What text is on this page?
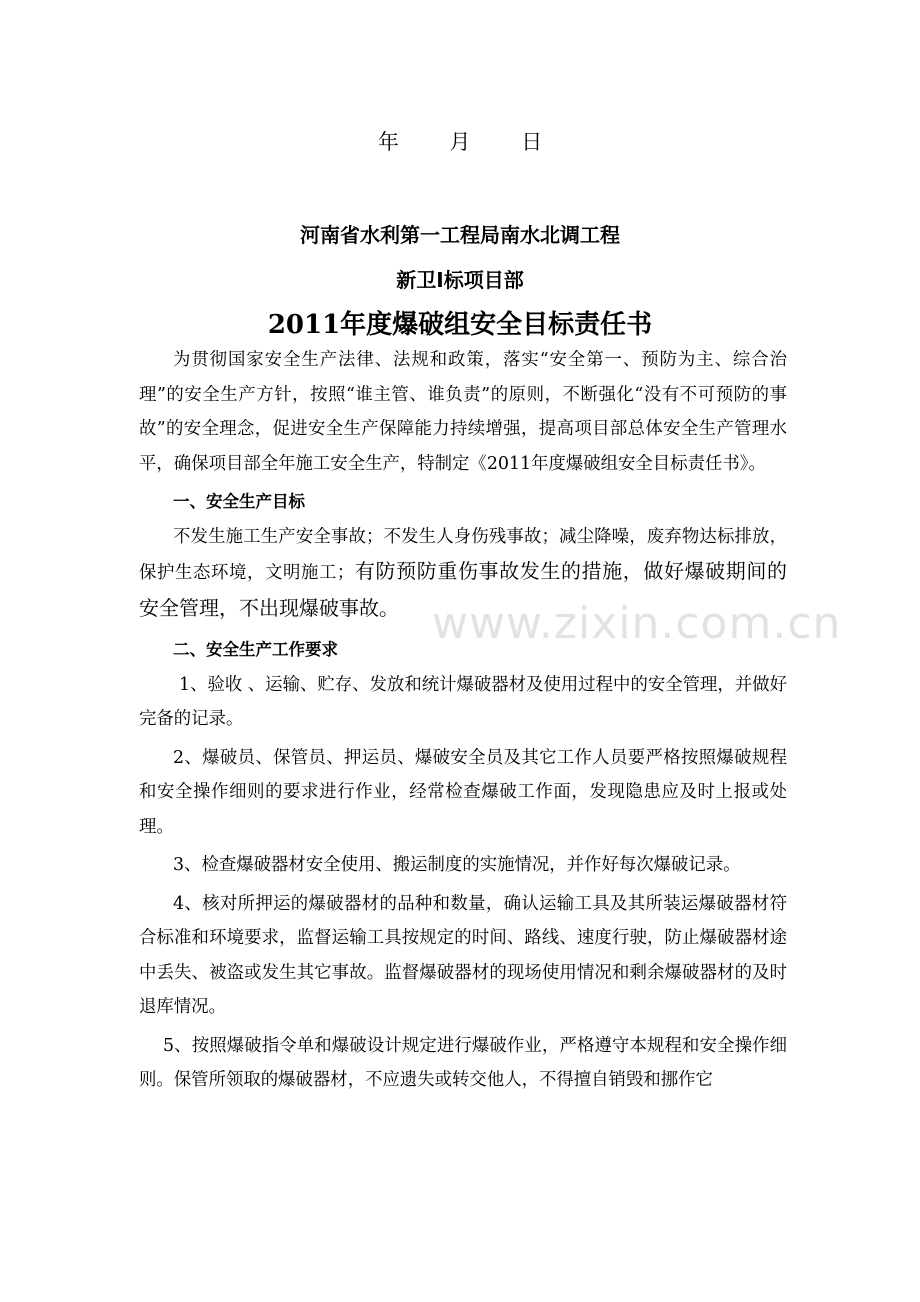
年 月 日
河南省水利第一工程局南水北调工程
新卫Ⅰ标项目部
2011年度爆破组安全目标责任书

为贯彻国家安全生产法律、法规和政策，落实“安全第一、预防为主、综合治理”的安全生产方针，按照“谁主管、谁负责”的原则，不断强化“没有不可预防的事故”的安全理念，促进安全生产保障能力持续增强，提高项目部总体安全生产管理水平，确保项目部全年施工安全生产，特制定《2011年度爆破组安全目标责任书》。

一、安全生产目标

不发生施工生产安全事故；不发生人身伤残事故；减尘降噪，废弃物达标排放，保护生态环境，文明施工；有防预防重伤事故发生的措施，做好爆破期间的安全管理，不出现爆破事故。

二、安全生产工作要求

1、验收 、运输、贮存、发放和统计爆破器材及使用过程中的安全管理，并做好完备的记录。

2、爆破员、保管员、押运员、爆破安全员及其它工作人员要严格按照爆破规程和安全操作细则的要求进行作业，经常检查爆破工作面，发现隐患应及时上报或处理。

3、检查爆破器材安全使用、搬运制度的实施情况，并作好每次爆破记录。

4、核对所押运的爆破器材的品种和数量，确认运输工具及其所装运爆破器材符合标准和环境要求，监督运输工具按规定的时间、路线、速度行驶，防止爆破器材途中丢失、被盗或发生其它事故。监督爆破器材的现场使用情况和剩余爆破器材的及时退库情况。

5、按照爆破指令单和爆破设计规定进行爆破作业，严格遵守本规程和安全操作细则。保管所领取的爆破器材，不应遗失或转交他人，不得擅自销毁和挪作它

www.zixin.com.cn
